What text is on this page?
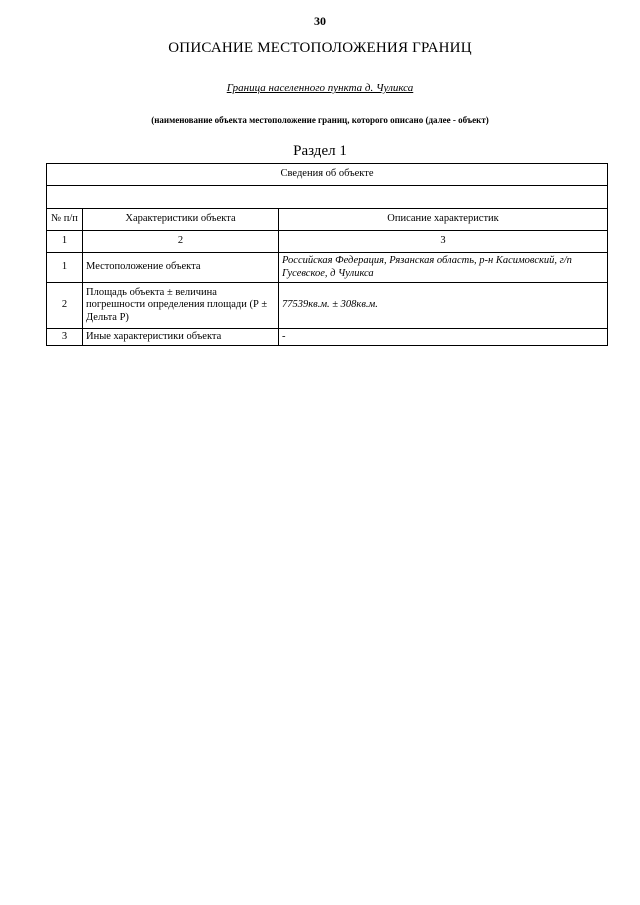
30
ОПИСАНИЕ МЕСТОПОЛОЖЕНИЯ ГРАНИЦ
Граница населенного пункта д. Чуликса
(наименование объекта местоположение границ, которого описано (далее - объект)
Раздел 1
Сведения об объекте		

№ п/п	Характеристики объекта	Описание характеристик
1	2	3
1	Местоположение объекта	Российская Федерация, Рязанская область, р-н Касимовский, г/п Гусевское, д Чуликса
2	Площадь объекта ± величина погрешности определения площади (Р ± Дельта Р)	77539кв.м. ± 308кв.м.
3	Иные характеристики объекта	-
